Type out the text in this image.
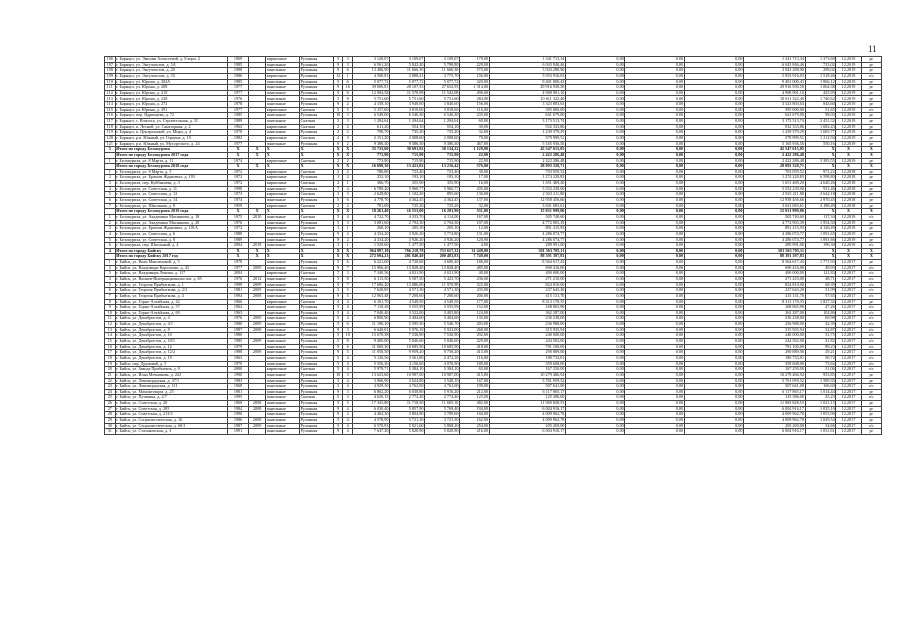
11
106	г. Барнаул, ул. Эмилии Алексеевой, д. 8 корп. 2	1969		кирпичные	Рулонная	5	3	3 120,07	3 109,07	3 109,07	179,00	1 341 713,34	0,00	0,00	0,00	1 341 713,34	1 373,69	12.2019	рг
107	г. Барнаул, ул. Энтузиастов, д. 5А	1985		панельные	Рулонная	9	3	6 561,20	5 842,40	5 798,80	229,00	6 043 846,46	0,00	0,00	0,00	6 043 846,46	723,02	12.2019	рг
108	г. Барнаул, ул. Энтузиастов, д. 20	1988		панельные	Рулонная	9	6	13 486,90	11 666,30	11 666,30	575,00	3 943 288,90	0,00	0,00	0,00	3 943 288,90	298,02	12.2019	рг
109	г. Барнаул, ул. Энтузиастов, д. 33	1986		кирпичные	Рулонная	12	1	4 500,81	3 888,41	3 775,70	156,00	5 953 916,03	0,00	0,00	0,00	5 953 916,03	1 518,46	12.2019	о/с
110	г. Барнаул, ул. Юрина, д. 204А	1985		панельные	Рулонная	5	6	5 077,72	5 077,72	5 077,72	320,00	9 401 000,43	0,00	0,00	0,00	9 401 000,43	1 866,12	12.2019	рг
111	г. Барнаул, ул. Юрина, д. 208	1977		панельные	Рулонная	9	16	39 000,81	28 107,35	27 652,95	1 314,00	29 916 930,50	0,00	0,00	0,00	29 916 930,50	1 064,38	12.2019	рг
112	г. Барнаул, ул. Юрина, д. 219	1977		панельные	Рулонная	9	6	12 904,58	11 578,98	11 542,08	496,00	4 908 901,10	0,00	0,00	0,00	4 908 901,10	425,95	12.2019	рг
113	г. Барнаул, ул. Юрина, д. 238	1976		панельные	Рулонная	5	8	5 751,60	5 751,60	5 751,60	284,00	10 611 322,40	0,00	0,00	0,00	10 611 322,40	1 740,62	12.2019	рг
114	г. Барнаул, ул. Юрина, д. 272	1978		панельные	Рулонная	9	2	4 158,10	3 940,00	3 840,60	156,00	3 323 803,63	0,00	0,00	0,00	3 323 803,63	843,60	12.2019	рг
115	г. Барнаул, ул. Юрина, д. 291	1977		кирпичные	Скатная	5	5	5 157,60	3 819,60	3 818,60	116,00	395 000,00	0,00	0,00	0,00	395 000,00	51,65	12.2019	о/с
116	г. Барнаул, пер. Ядринцева, д. 72	1985		панельные	Рулонная	10	3	6 549,00	6 546,30	6 546,30	235,00	641 679,00	0,00	0,00	0,00	641 679,00	98,03	12.2019	рг
117	г. Барнаул, с. Власиха, ул. Строительная, д. 31	1989		панельные	Скатная	5	3	1 294,64	1 294,64	1 294,64	60,00	3 173 513,74	0,00	0,00	0,00	3 173 513,74	2 451,32	12.2019	рг
118	г. Барнаул, п. Лесной, ул. Санаторная, д. 2	1962		кирпичные	Скатная	2	2	611,20	554,10	554,10	30,00	932 333,86	0,00	0,00	0,00	932 333,86	1 682,43	12.2019	рг
119	г. Барнаул, п. Центральный, ул. Мира, д. 4	1978		панельные	Рулонная	2	2	790,70	735,20	735,20	32,00	1 239 379,29	0,00	0,00	0,00	1 239 379,29	1 685,77	12.2019	рг
120	г. Барнаул, р.п. Южный, ул. Герцена, д. 10	1982		кирпичные	Скатная	4	3	2 151,20	2 008,60	2 008,60	70,00	579 999,51	0,00	0,00	0,00	579 999,51	1 212,94	12.2019	рг
121	г. Барнаул, р.п. Южный, ул. Мусоргского, д. 24	1977		панельные	Рулонная	9	2	9 386,30	9 386,30	9 386,30	467,00	5 165 936,56	0,00	0,00	0,00	5 165 936,56	550,16	12.2019	рг
3	Итого по городу Белокуриха	X	X	X	X	X	X	35 733,60	30 691,92	30 134,22	1 129,00	45 547 615,05	0,00	0,00	0,00	45 547 615,05	X	X	X
	Итого по городу Белокуриха 2017 года	X	X	X	X	X	X	773,90	715,90	715,90	22,00	2 422 286,48	0,00	0,00	0,00	2 422 286,48	X	X	X
1	г. Белокуриха, ул. 8 Марта, д. 11	1974		кирпичные	Скатная	2	2	773,90	715,90	715,90	22,00	2 422 286,48	0,00	0,00	0,00	2 422 286,48	3 383,55	12.2019	рг
	Итого по городу Белокуриха 2018 года	X	X	X	X	X	X	16 698,30	13 423,02	13 216,42	576,00	28 093 328,71	0,00	0,00	0,00	28 093 328,71	X	X	X
1	г. Белокуриха, ул. 8 Марта, д. 3	1972		кирпичные	Скатная	2	2	786,80	723,40	723,40	30,00	703 059,52	0,00	0,00	0,00	703 059,52	971,22	12.2018	рг
2	г. Белокуриха, ул. Братьев Ждановых, д. 103	1972		кирпичные	Рулонная	1	2	252,10	193,10	193,10	17,00	1 274 228,83	0,00	0,00	0,00	1 274 228,83	6 598,80	12.2018	рг
3	г. Белокуриха, пер. Куйбышева, д. 3	1972		кирпичные	Скатная	2	1	366,70	355,90	355,90	16,00	1 651 469,20	0,00	0,00	0,00	1 651 469,20	4 640,26	12.2018	рг
4	г. Белокуриха, ул. Советская, д. 11	1998		панельные	Рулонная	7	4	6 789,20	5 960,77	5 960,77	205,00	5 552 239,00	0,00	0,00	0,00	5 552 239,00	931,46	12.2018	рг
5	г. Белокуриха, ул. Советская, д. 12	1973		кирпичные	Скатная	3	3	2 628,80	1 102,20	895,60	136,00	2 923 211,80	0,00	0,00	0,00	2 923 211,80	2 642,18	12.2018	рг
6	г. Белокуриха, ул. Советская, д. 14	1974		панельные	Рулонная	5	6	4 778,70	4 362,45	4 362,45	137,00	12 958 456,66	0,00	0,00	0,00	12 958 456,66	2 970,45	12.2018	рг
7	г. Белокуриха, ул. Школьная, д. 8	1959		кирпичные	Скатная	2	2	781,00	725,20	725,20	32,00	3 041 683,61	0,00	0,00	0,00	3 041 683,61	4 188,49	12.2018	рг
	Итого по городу Белокуриха 2019 года	X	X	X	X	X	X	18 261,40	16 553,00	16 201,90	531,00	15 031 999,86	0,00	0,00	0,00	15 031 999,86	X	X	X
1	г. Белокуриха, ул. Академика Мясникова, д. 18	1975	2010	панельные	Скатная	5	4	4 722,70	4 333,70	4 114,00	167,00	505 740,60	0,00	0,00	0,00	505 740,60	117,34	12.2019	о/с
2	г. Белокуриха, ул. Академика Мясникова, д. 20	1976		панельные	Рулонная	5	3	3 081,60	2 794,30	2 704,30	107,00	4 772 903,39	0,00	0,00	0,00	4 772 903,39	1 954,30	12.2019	рг
3	г. Белокуриха, ул. Братьев Ждановых, д. 101А	1972		кирпичные	Скатная	1	1	268,10	205,10	205,10	12,00	891 215,93	0,00	0,00	0,00	891 215,93	4 126,49	12.2019	рг
4	г. Белокуриха, ул. Советская, д. 6	1988		панельные	Рулонная	9	2	4 334,20	3 926,20	3 774,80	131,00	4 286 074,77	0,00	0,00	0,00	4 286 074,77	1 091,65	12.2019	рг
5	г. Белокуриха, ул. Советская, д. 8	1989		панельные	Рулонная	9	2	4 334,20	3 926,20	3 926,20	120,00	4 286 074,77	0,00	0,00	0,00	4 286 074,77	1 091,66	12.2019	рг
6	г. Белокуриха, пер. Школьный, д. 4	2004	2018	панельные	Скатная	3	1	1 520,60	1 477,50	1 477,50	4,00	289 991,00	0,00	0,00	0,00	289 991,00	196,30	12.2019	о/с
4	Итого по городу Бийску	X	X	X	X	X	X	964 887,18	766 218,78	753 657,32	31 249,00	501 563 705,11	0,00	0,00	0,00	501 563 705,11	X	X	X
	Итого по городу Бийску 2017 год	X	X	X	X	X	X	272 694,23	201 840,40	200 483,83	7 749,00	88 391 397,83	0,00	0,00	0,00	88 391 397,83	X	X	X
1	г. Бийск, ул. Вали Максимовой, д. 5	1978		панельные	Рулонная	5	6	6 221,00	4 720,60	4 600,40	186,00	8 364 617,43	0,00	0,00	0,00	8 364 617,43	1 771,93	12.2017	рг
2	г. Бийск, ул. Владимира Короленко, д. 43	1977	2009	панельные	Рулонная	9	7	15 966,40	13 828,40	13 828,40	485,00	690 416,00	0,00	0,00	0,00	690 416,00	49,93	12.2017	о/с
3	г. Бийск, ул. Владимира Ленина, д. 117	2004		кирпичные	Скатная	7	3	7 340,56	4 021,90	4 021,90	40,00	490 000,00	0,00	0,00	0,00	490 000,00	121,83	12.2017	о/с
4	г. Бийск, ул. Воинов-Интернационалистов, д. 85	1976	2012	панельные	Рулонная	5	8	6 113,50	5 507,50	5 423,70	236,00	271 210,00	0,00	0,00	0,00	271 210,00	48,71	12.2017	о/с
5	г. Бийск, ул. Георгия Прибыткова, д. 1	1999	2009	панельные	Рулонная	9	7	17 696,20	13 086,00	11 970,90	522,00	824 810,00	0,00	0,00	0,00	824 810,00	68,39	12.2017	о/с
6	г. Бийск, ул. Георгия Прибыткова, д. 2/2	1981	2009	панельные	Рулонная	5	5	7 620,85	4 571,30	4 571,30	235,00	237 643,20	0,00	0,00	0,00	237 643,20	51,99	12.2017	о/с
7	г. Бийск, ул. Георгия Прибыткова, д. 4	1994	2008	панельные	Рулонная	9	5	12 063,48	7 200,60	7 200,60	200,00	415 131,70	0,00	0,00	0,00	415 131,70	57,65	12.2017	о/с
8	г. Бийск, ул. Горно-Алтайская, д. 42	1966		кирпичные	Скатная	4	4	6 161,70	4 549,50	4 549,50	177,00	8 313 178,35	0,00	0,00	0,00	8 313 178,35	1 827,32	12.2017	рг
9	г. Бийск, ул. Горно-Алтайская, д. 57	1964		панельные	Рулонная	5	4	7 110,28	3 555,99	3 555,99	152,00	168 065,90	0,00	0,00	0,00	168 065,90	47,26	12.2017	о/с
10	г. Бийск, ул. Горно-Алтайская, д. 69	1963		панельные	Рулонная	5	4	7 040,40	3 522,00	3 403,80	124,00	362 287,00	0,00	0,00	0,00	362 287,00	102,86	12.2017	о/с
11	г. Бийск, ул. Декабристов, д. 4	1976	2009	панельные	Рулонная	5	4	6 800,90	3 404,60	3 404,60	135,00	236 238,00	0,00	0,00	0,00	236 238,00	69,98	12.2017	о/с
12	г. Бийск, ул. Декабристов, д. 4/1	1980	2009	панельные	Рулонная	5	6	11 190,10	5 595,50	5 546,70	203,00	236 988,00	0,00	0,00	0,00	236 988,00	42,39	12.2017	о/с
13	г. Бийск, ул. Декабристов, д. 8	1987	2008	панельные	Рулонная	9	3	6 640,01	5 976,10	5 923,00	260,00	315 935,94	0,00	0,00	0,00	315 935,94	52,87	12.2017	о/с
14	г. Бийск, ул. Декабристов, д. 10	1980		панельные	Рулонная	5	10	15 670,38	7 536,90	7 536,90	292,00	240 000,00	0,00	0,00	0,00	240 000,00	31,75	12.2017	о/с
15	г. Бийск, ул. Декабристов, д. 10/1	1985	2009	панельные	Рулонная	5	8	9 400,00	5 846,60	5 846,60	229,00	244 502,00	0,00	0,00	0,00	244 502,00	41,82	12.2017	о/с
16	г. Бийск, ул. Декабристов, д. 12	1979		панельные	Рулонная	9	6	11 669,30	10 685,90	10 685,90	418,00	791 100,00	0,00	0,00	0,00	791 100,00	89,23	12.2017	о/с
17	г. Бийск, ул. Декабристов, д. 12/2	1988	2009	панельные	Рулонная	9	5	11 050,50	9 959,20	9 750,20	415,00	290 889,00	0,00	0,00	0,00	290 889,00	29,21	12.2017	о/с
18	г. Бийск, ул. Декабристов, д. 19	1963		панельные	Рулонная	5	4	5 120,56	3 561,80	2 472,10	116,00	180 733,01	0,00	0,00	0,00	180 733,01	50,74	12.2017	о/с
19	г. Бийск, пер. Дружный, д. 5	1970		панельные	Рулонная	5	4	5 356,30	4 156,60	4 076,50	180,00	359 608,00	0,00	0,00	0,00	359 608,00	73,62	12.2017	о/с
20	г. Бийск, ул. Завода Прибытков, д. 9	2000		кирпичные	Скатная	5	4	5 979,71	5 384,10	5 384,10	65,00	167 250,00	0,00	0,00	0,00	167 250,00	31,06	12.2017	о/с
21	г. Бийск, ул. Ильи Мечникова, д. 222	1990		панельные	Рулонная	10	3	13 625,60	10 987,00	10 987,00	415,00	10 279 466,94	0,00	0,00	0,00	10 279 466,94	953,85	12.2017	рг
22	г. Бийск, ул. Ленинградская, д. 37/1	1983		панельные	Рулонная	5	4	3 966,90	3 624,80	3 548,10	167,00	5 761 059,52	0,00	0,00	0,00	5 761 059,52	1 589,35	12.2017	рг
23	г. Бийск, ул. Ленинградская, д. 111	1968		панельные	Рулонная	5	4	4 929,30	4 762,00	4 762,00	199,00	507 641,00	0,00	0,00	0,00	507 641,00	106,60	12.2017	о/с
24	г. Бийск, ул. Мамонтовцов, д. 25	1981		панельные	Рулонная	9	3	6 862,20	6 030,80	5 916,20	212,00	6 117 865,17	0,00	0,00	0,00	6 117 865,17	1 014,44	12.2017	рг
25	г. Бийск, ул. Пушкина, д. 2/7	1995		панельные	Скатная	5	3	4 620,15	2 772,40	2 772,40	125,00	125 386,00	0,00	0,00	0,00	125 386,00	45,23	12.2017	о/с
26	г. Бийск, ул. Советская, д. 20	1968	2008	панельные	Рулонная	5	5	17 343,80	11 718,50	11 605,10	482,00	11 969 828,53	0,00	0,00	0,00	11 969 828,53	1 021,15	12.2017	рг
27	г. Бийск, ул. Советская, д. 205	1984	2008	панельные	Рулонная	9	4	6 430,40	5 857,90	5 769,40	194,00	6 004 916,17	0,00	0,00	0,00	6 004 916,17	1 025,10	12.2017	рг
28	г. Бийск, ул. Советская, д. 213/3	1990		панельные	Рулонная	9	2	4 404,30	3 804,90	3 789,60	160,00	4 009 962,78	0,00	0,00	0,00	4 009 962,78	1 053,90	12.2017	рг
29	г. Бийск, ул. Социалистическая, д. 16	1986	2008	панельные	Рулонная	5	4	4 378,90	3 721,30	3 721,30	162,00	4 009 962,78	0,00	0,00	0,00	4 009 962,78	1 029,54	12.2017	рг
30	г. Бийск, ул. Социалистическая, д. 60/1	1987	2009	панельные	Рулонная	5	4	6 570,93	5 921,60	5 868,20	254,00	205 269,00	0,00	0,00	0,00	205 269,00	34,66	12.2017	о/с
31	г. Бийск, ул. Стахановская, д. 3	1991		панельные	Рулонная	9	4	7 647,20	5 820,90	5 820,90	216,00	6 004 916,17	0,00	0,00	0,00	6 004 916,17	1 031,61	12.2017	рг
